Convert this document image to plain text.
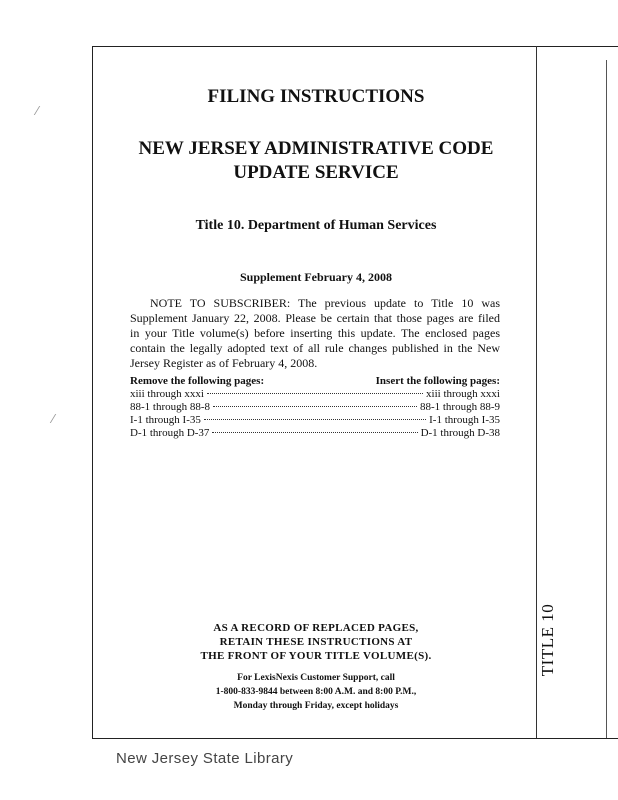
⁄
⁄
FILING INSTRUCTIONS
NEW JERSEY ADMINISTRATIVE CODE
UPDATE SERVICE
Title 10. Department of Human Services
Supplement February 4, 2008
NOTE TO SUBSCRIBER: The previous update to Title 10 was
Supplement January 22, 2008. Please be certain that those pages are filed
in your Title volume(s) before inserting this update. The enclosed pages
contain the legally adopted text of all rule changes published in the New
Jersey Register as of February 4, 2008.
Remove the following pages:	Insert the following pages:
xiii through xxxi	xiii through xxxi
88-1 through 88-8	88-1 through 88-9
I-1 through I-35	I-1 through I-35
D-1 through D-37	D-1 through D-38
AS A RECORD OF REPLACED PAGES,
RETAIN THESE INSTRUCTIONS AT
THE FRONT OF YOUR TITLE VOLUME(S).
For LexisNexis Customer Support, call
1-800-833-9844 between 8:00 A.M. and 8:00 P.M.,
Monday through Friday, except holidays
TITLE 10
New Jersey State Library
